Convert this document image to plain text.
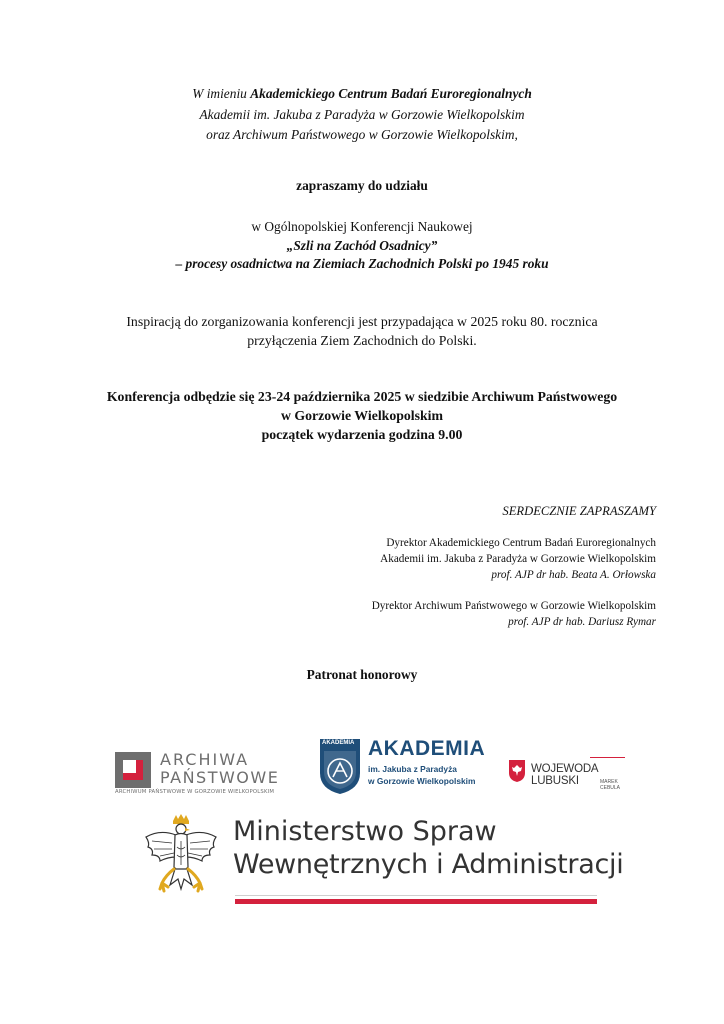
W imieniu Akademickiego Centrum Badań Euroregionalnych
Akademii im. Jakuba z Paradyża w Gorzowie Wielkopolskim
oraz Archiwum Państwowego w Gorzowie Wielkopolskim,
zapraszamy do udziału
w Ogólnopolskiej Konferencji Naukowej
„Szli na Zachód Osadnicy”
– procesy osadnictwa na Ziemiach Zachodnich Polski po 1945 roku
Inspiracją do zorganizowania konferencji jest przypadająca w 2025 roku 80. rocznica
przyłączenia Ziem Zachodnich do Polski.
Konferencja odbędzie się 23-24 października 2025 w siedzibie Archiwum Państwowego
w Gorzowie Wielkopolskim
początek wydarzenia godzina 9.00
SERDECZNIE ZAPRASZAMY
Dyrektor Akademickiego Centrum Badań Euroregionalnych
Akademii im. Jakuba z Paradyża w Gorzowie Wielkopolskim
prof. AJP dr hab. Beata A. Orłowska
Dyrektor Archiwum Państwowego w Gorzowie Wielkopolskim
prof. AJP dr hab. Dariusz Rymar
Patronat honorowy
ARCHIWA
PAŃSTWOWE
ARCHIWUM PAŃSTWOWE W GORZOWIE WIELKOPOLSKIM
AKADEMIA AKADEMIA
im. Jakuba z Paradyża
w Gorzowie Wielkopolskim
WOJEWODA LUBUSKI	MAREK CEBULA
Ministerstwo Spraw
Wewnętrznych i Administracji
